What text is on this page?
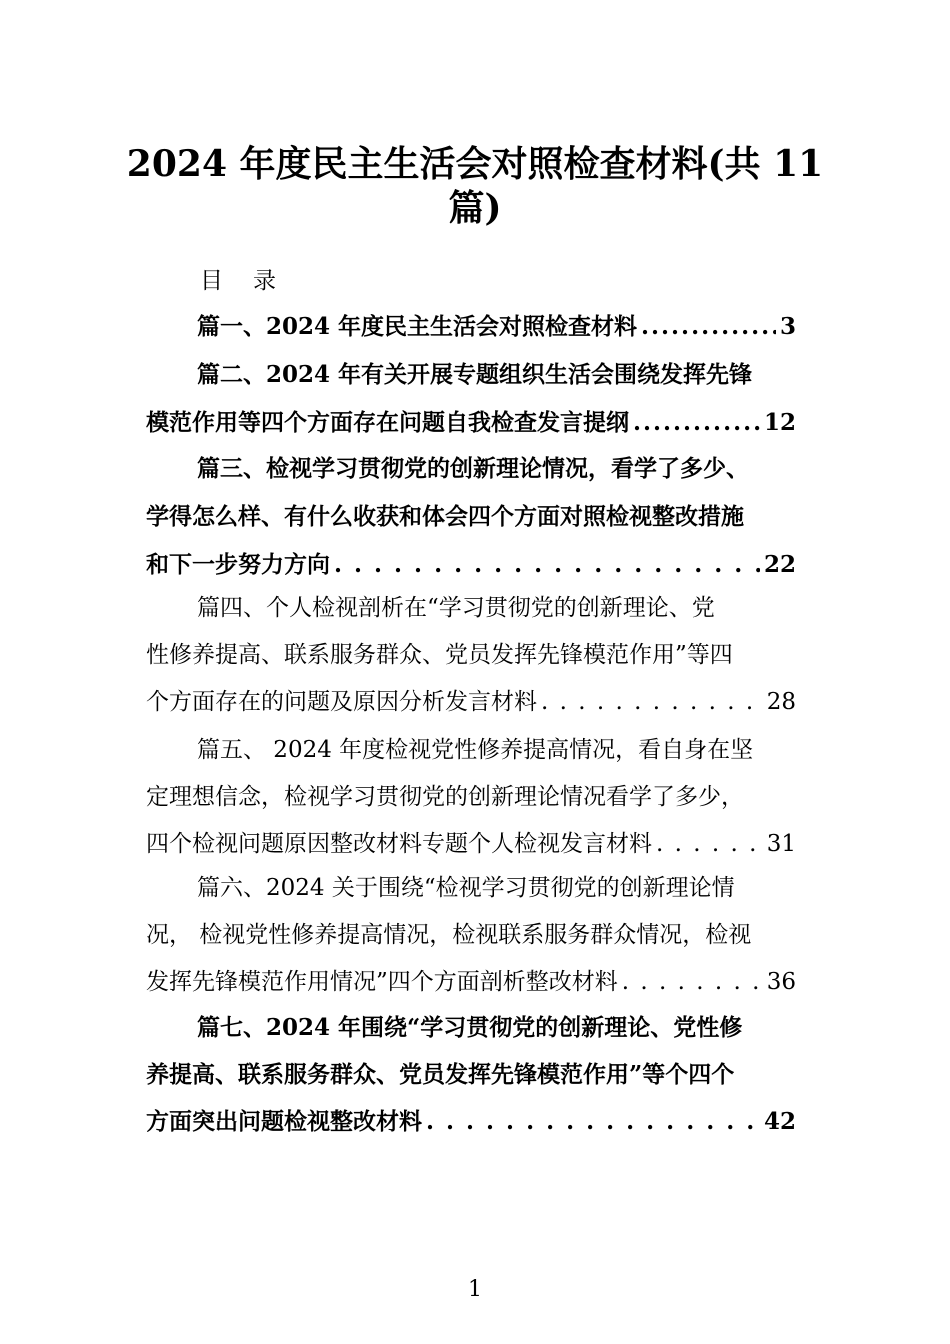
2024 年度民主生活会对照检查材料(共 11
篇)
目录
篇一、2024 年度民主生活会对照检查材料 .....	3
篇二、2024 年有关开展专题组织生活会围绕发挥先锋
模范作用等四个方面存在问题自我检查发言提纲 .....	12
篇三、检视学习贯彻党的创新理论情况，看学了多少、
学得怎么样、有什么收获和体会四个方面对照检视整改措施
和下一步努力方向 . . .	22
篇四、个人检视剖析在“学习贯彻党的创新理论、党
性修养提高、联系服务群众、党员发挥先锋模范作用”等四
个方面存在的问题及原因分析发言材料 . . .	28
篇五、 2024 年度检视党性修养提高情况，看自身在坚
定理想信念，检视学习贯彻党的创新理论情况看学了多少，
四个检视问题原因整改材料专题个人检视发言材料 . . .	31
篇六、2024 关于围绕“检视学习贯彻党的创新理论情
况， 检视党性修养提高情况，检视联系服务群众情况，检视
发挥先锋模范作用情况”四个方面剖析整改材料 . . .	36
篇七、2024 年围绕“学习贯彻党的创新理论、党性修
养提高、联系服务群众、党员发挥先锋模范作用”等个四个
方面突出问题检视整改材料 . . .	42
1
